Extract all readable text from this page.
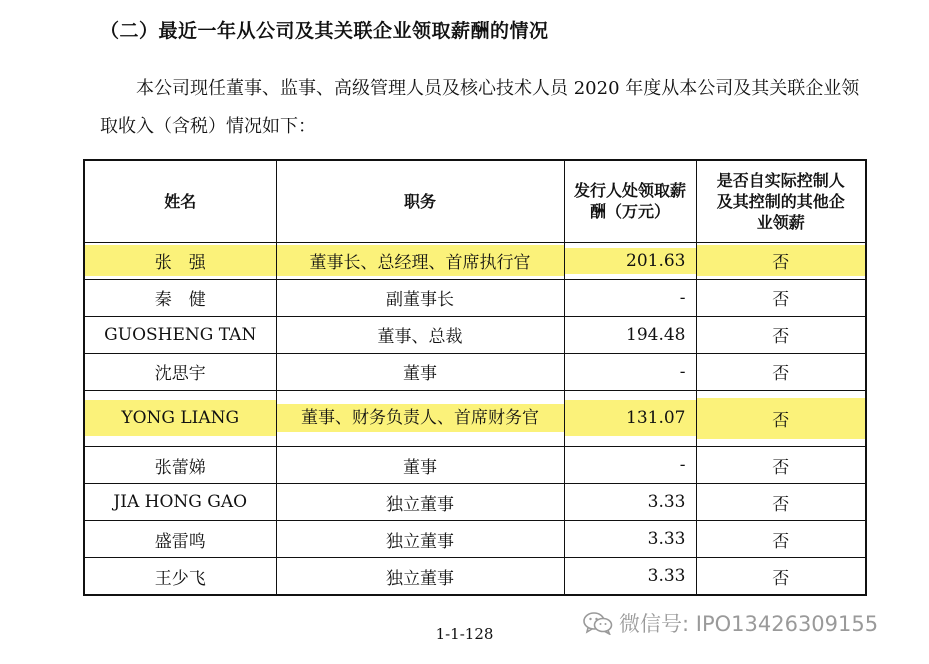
（二）最近一年从公司及其关联企业领取薪酬的情况

本公司现任董事、监事、高级管理人员及核心技术人员 2020 年度从本公司及其关联企业领取收入（含税）情况如下：

姓名	职务	发行人处领取薪酬（万元）	是否自实际控制人及其控制的其他企业领薪

张　强	董事长、总经理、首席执行官	201.63	否

秦　健	副董事长	-	否
GUOSHENG TAN	董事、总裁	194.48	否
沈思宇	董事	-	否

YONG LIANG	董事、财务负责人、首席财务官	131.07	否

张蕾娣	董事	-	否
JIA HONG GAO	独立董事	3.33	否
盛雷鸣	独立董事	3.33	否
王少飞	独立董事	3.33	否
微信号: IPO13426309155
1-1-128
